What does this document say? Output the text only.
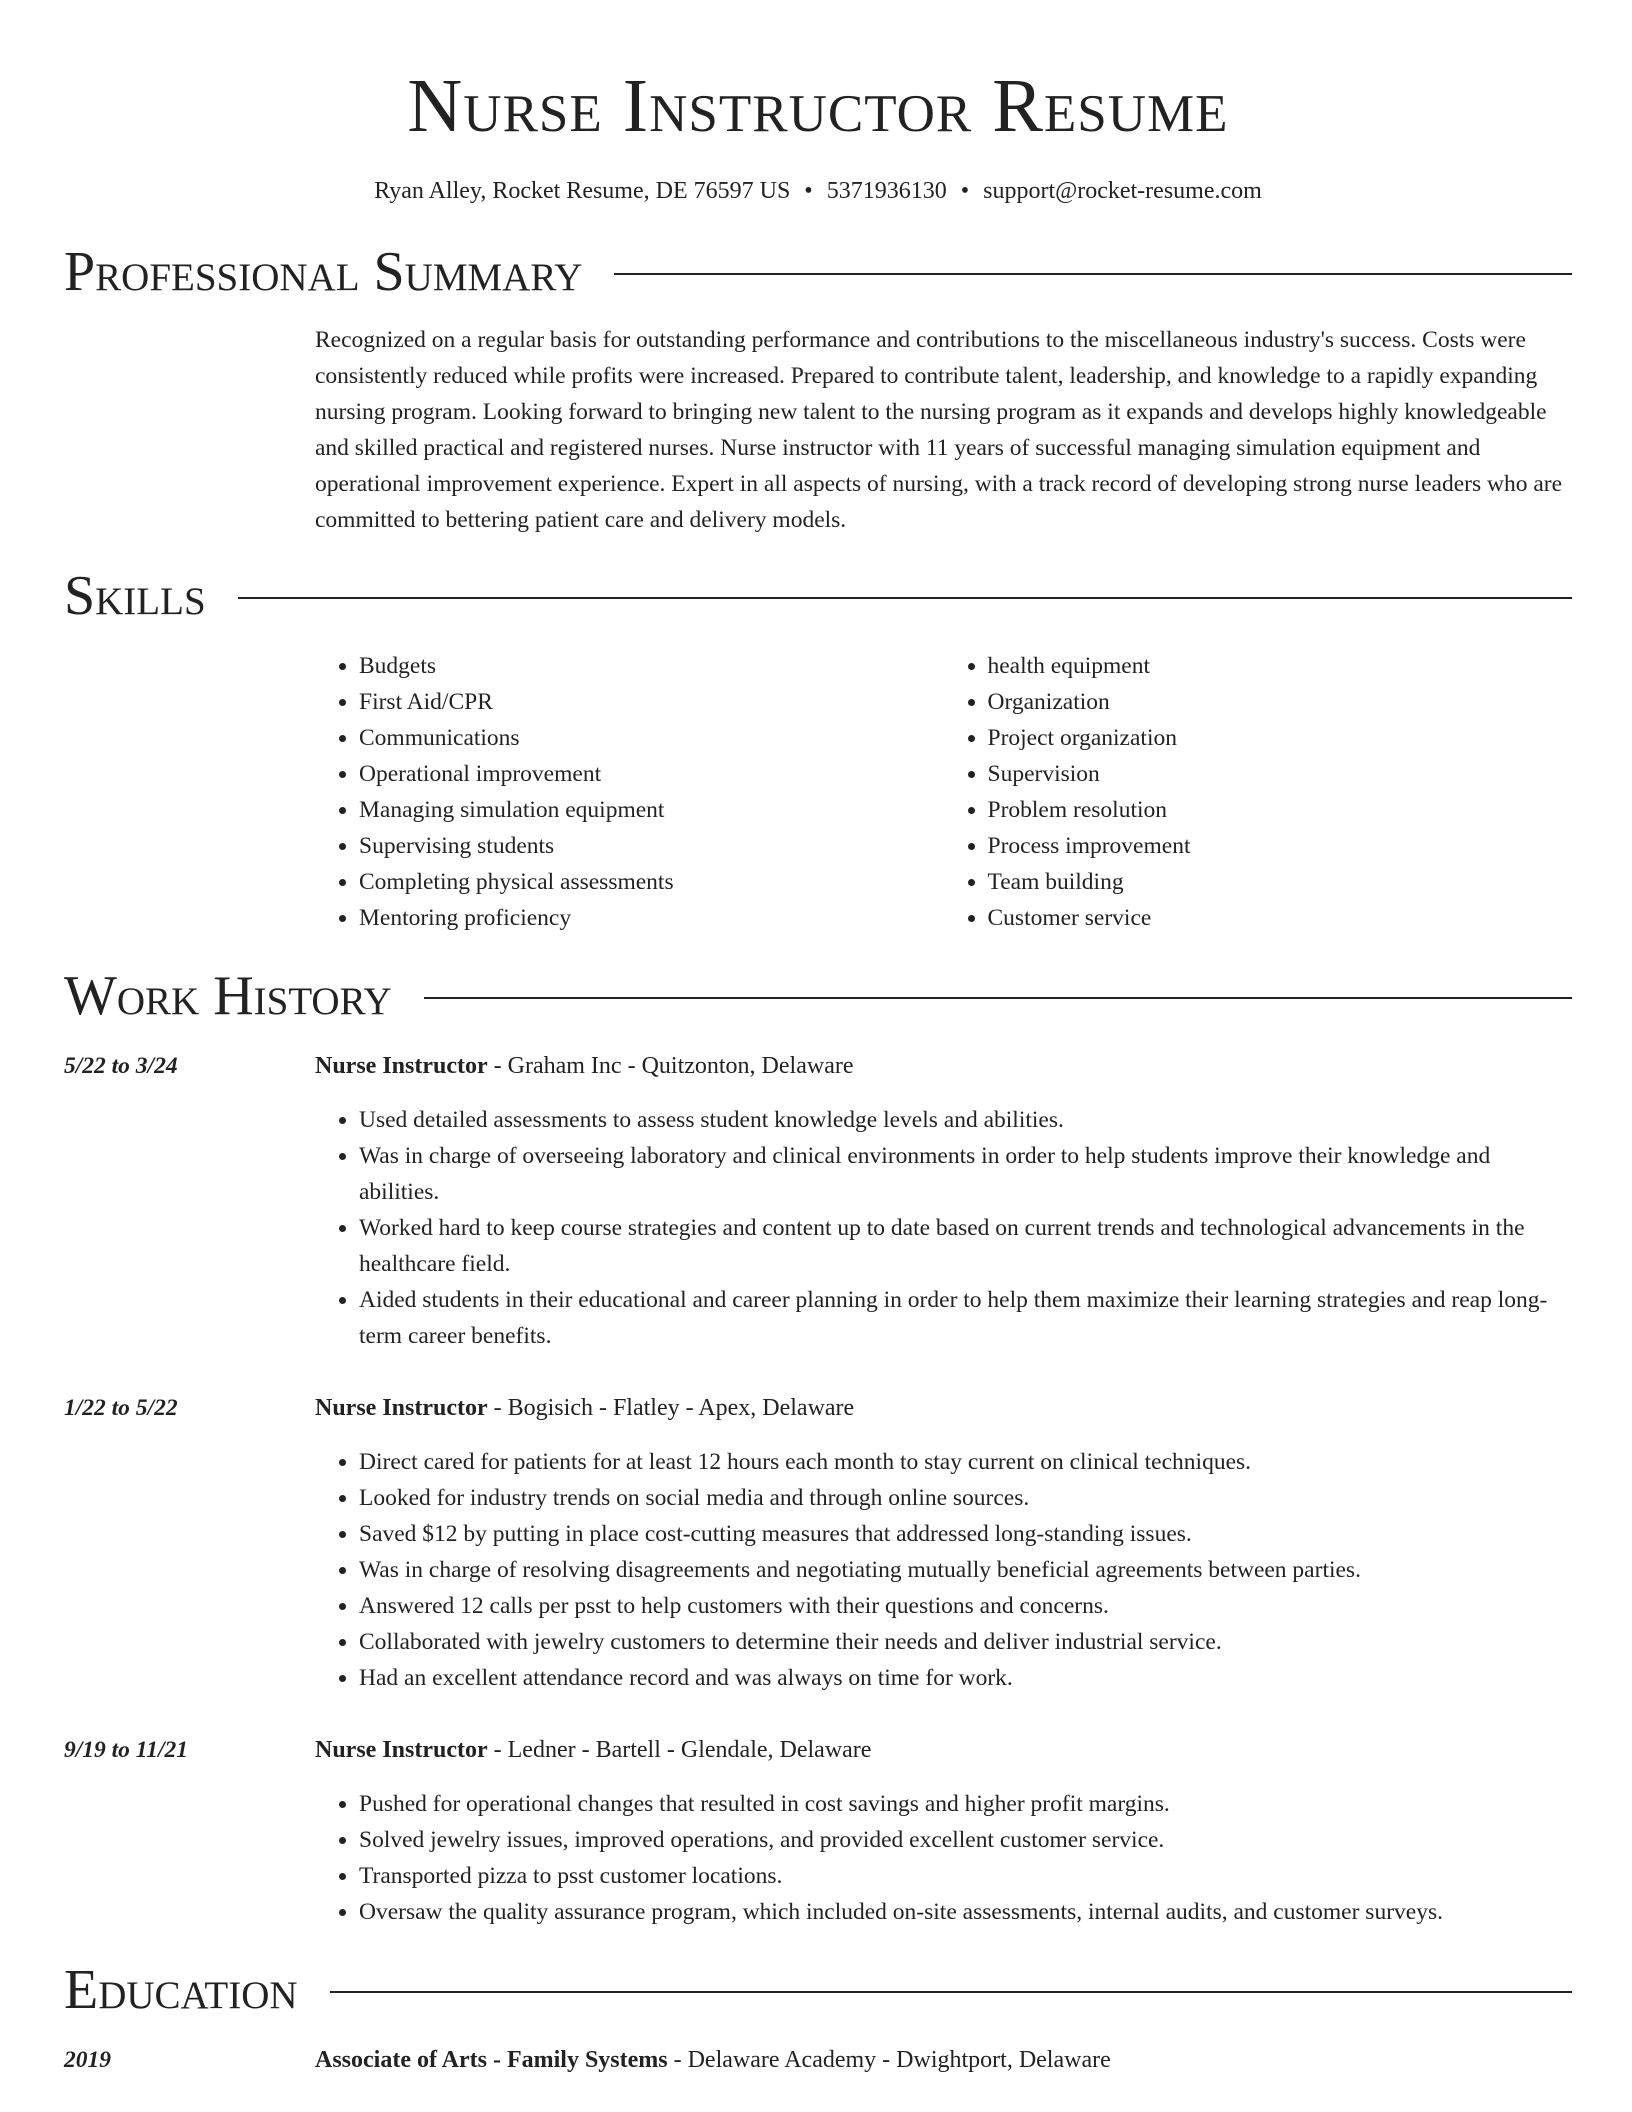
Nurse Instructor Resume
Ryan Alley, Rocket Resume, DE 76597 US • 5371936130 • support@rocket-resume.com
Professional Summary
Recognized on a regular basis for outstanding performance and contributions to the miscellaneous industry's success. Costs were consistently reduced while profits were increased. Prepared to contribute talent, leadership, and knowledge to a rapidly expanding nursing program. Looking forward to bringing new talent to the nursing program as it expands and develops highly knowledgeable and skilled practical and registered nurses. Nurse instructor with 11 years of successful managing simulation equipment and operational improvement experience. Expert in all aspects of nursing, with a track record of developing strong nurse leaders who are committed to bettering patient care and delivery models.
Skills
• Budgets
• First Aid/CPR
• Communications
• Operational improvement
• Managing simulation equipment
• Supervising students
• Completing physical assessments
• Mentoring proficiency
• health equipment
• Organization
• Project organization
• Supervision
• Problem resolution
• Process improvement
• Team building
• Customer service
Work History
5/22 to 3/24	Nurse Instructor - Graham Inc - Quitzonton, Delaware
• Used detailed assessments to assess student knowledge levels and abilities.
• Was in charge of overseeing laboratory and clinical environments in order to help students improve their knowledge and abilities.
• Worked hard to keep course strategies and content up to date based on current trends and technological advancements in the healthcare field.
• Aided students in their educational and career planning in order to help them maximize their learning strategies and reap long-term career benefits.
1/22 to 5/22	Nurse Instructor - Bogisich - Flatley - Apex, Delaware
• Direct cared for patients for at least 12 hours each month to stay current on clinical techniques.
• Looked for industry trends on social media and through online sources.
• Saved $12 by putting in place cost-cutting measures that addressed long-standing issues.
• Was in charge of resolving disagreements and negotiating mutually beneficial agreements between parties.
• Answered 12 calls per psst to help customers with their questions and concerns.
• Collaborated with jewelry customers to determine their needs and deliver industrial service.
• Had an excellent attendance record and was always on time for work.
9/19 to 11/21	Nurse Instructor - Ledner - Bartell - Glendale, Delaware
• Pushed for operational changes that resulted in cost savings and higher profit margins.
• Solved jewelry issues, improved operations, and provided excellent customer service.
• Transported pizza to psst customer locations.
• Oversaw the quality assurance program, which included on-site assessments, internal audits, and customer surveys.
Education
2019	Associate of Arts - Family Systems - Delaware Academy - Dwightport, Delaware
